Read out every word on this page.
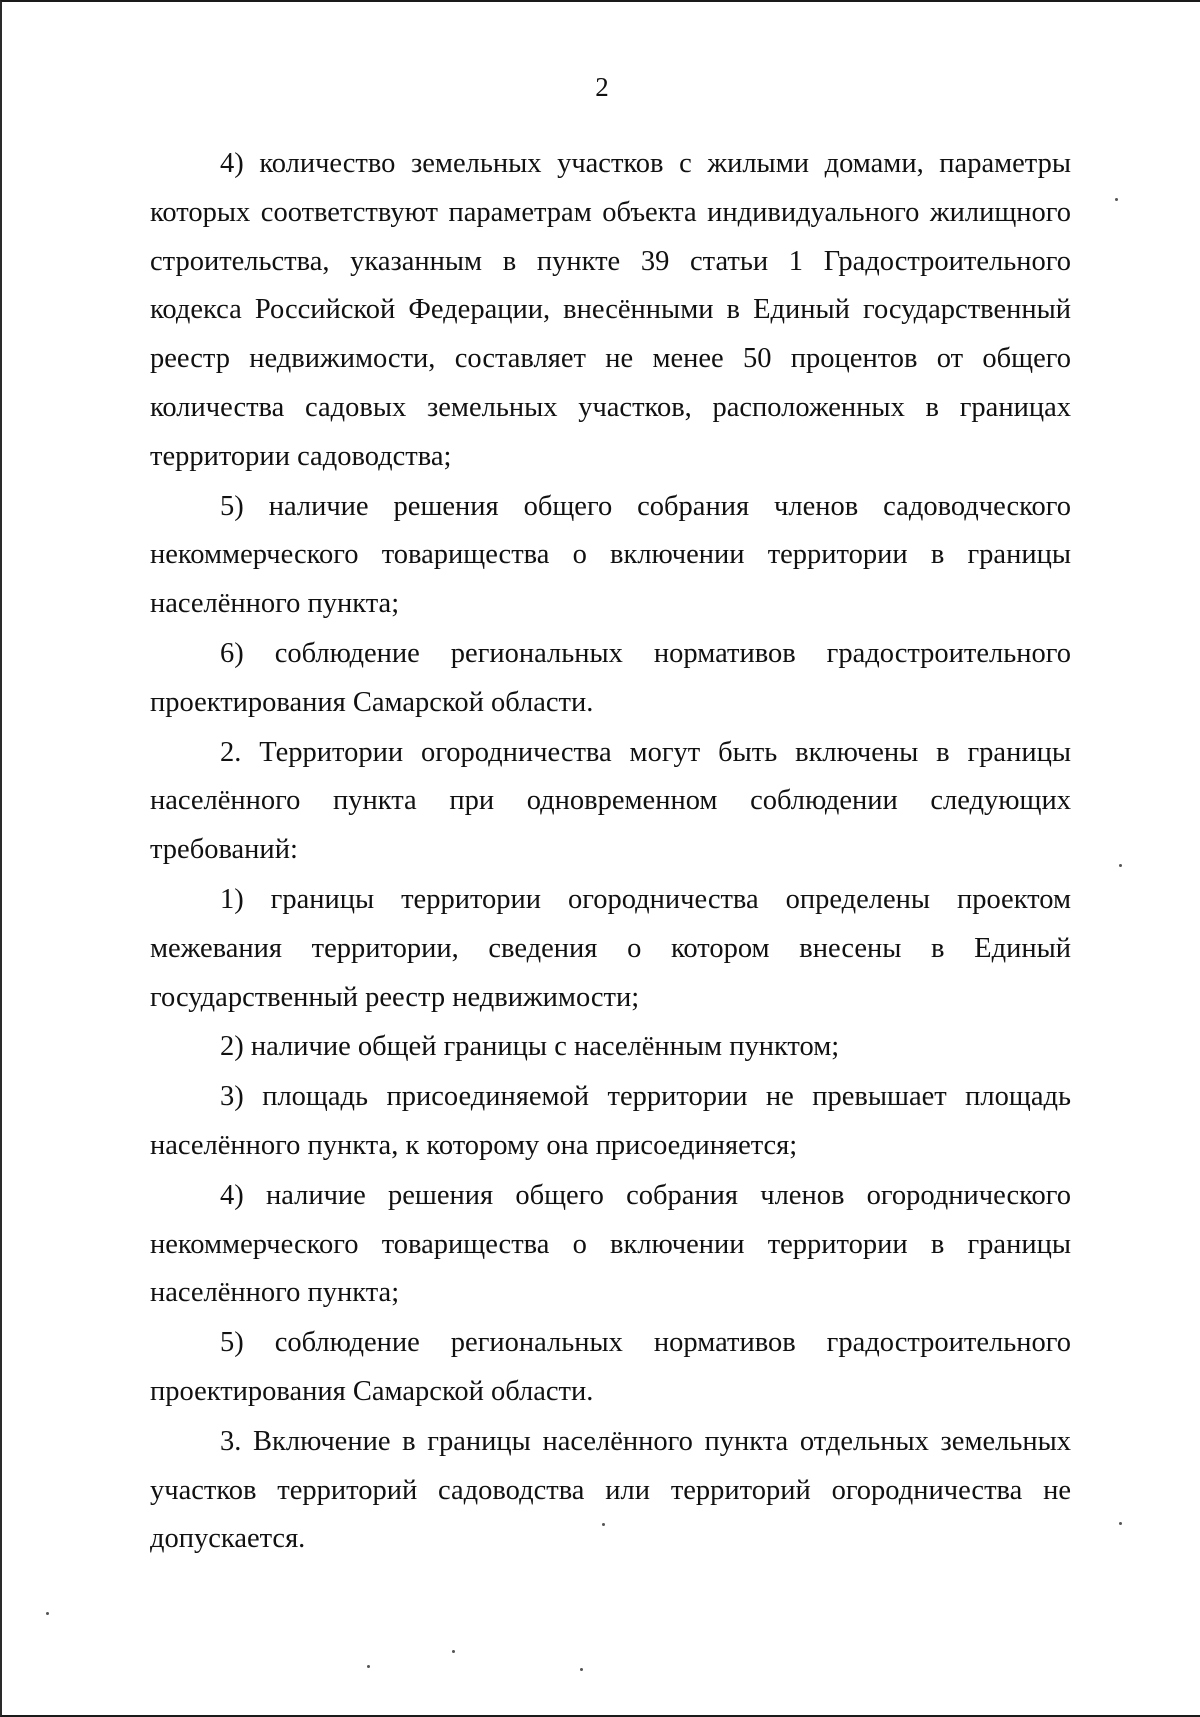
2

4) количество земельных участков с жилыми домами, параметры которых соответствуют параметрам объекта индивидуального жилищного строительства, указанным в пункте 39 статьи 1 Градостроительного кодекса Российской Федерации, внесёнными в Единый государственный реестр недвижимости, составляет не менее 50 процентов от общего количества садовых земельных участков, расположенных в границах территории садоводства;

5) наличие решения общего собрания членов садоводческого некоммерческого товарищества о включении территории в границы населённого пункта;

6) соблюдение региональных нормативов градостроительного проектирования Самарской области.

2. Территории огородничества могут быть включены в границы населённого пункта при одновременном соблюдении следующих требований:

1) границы территории огородничества определены проектом межевания территории, сведения о котором внесены в Единый государственный реестр недвижимости;

2) наличие общей границы с населённым пунктом;

3) площадь присоединяемой территории не превышает площадь населённого пункта, к которому она присоединяется;

4) наличие решения общего собрания членов огороднического некоммерческого товарищества о включении территории в границы населённого пункта;

5) соблюдение региональных нормативов градостроительного проектирования Самарской области.

3. Включение в границы населённого пункта отдельных земельных участков территорий садоводства или территорий огородничества не допускается.
